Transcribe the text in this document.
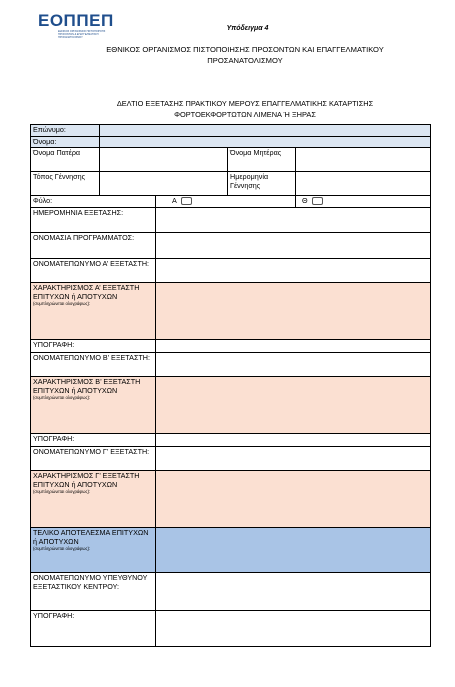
ΕΟΠΠΕΠ
ΕΘΝΙΚΟΣ ΟΡΓΑΝΙΣΜΟΣ ΠΙΣΤΟΠΟΙΗΣΗΣ ΠΡΟΣΟΝΤΩΝ & ΕΠΑΓΓΕΛΜΑΤΙΚΟΥ ΠΡΟΣΑΝΑΤΟΛΙΣΜΟΥ
Υπόδειγμα 4
ΕΘΝΙΚΟΣ ΟΡΓΑΝΙΣΜΟΣ ΠΙΣΤΟΠΟΙΗΣΗΣ ΠΡΟΣΟΝΤΩΝ ΚΑΙ ΕΠΑΓΓΕΛΜΑΤΙΚΟΥ
ΠΡΟΣΑΝΑΤΟΛΙΣΜΟΥ
ΔΕΛΤΙΟ ΕΞΕΤΑΣΗΣ ΠΡΑΚΤΙΚΟΥ ΜΕΡΟΥΣ ΕΠΑΓΓΕΛΜΑΤΙΚΗΣ ΚΑΤΑΡΤΙΣΗΣ
ΦΟΡΤΟΕΚΦΟΡΤΩΤΩΝ ΛΙΜΕΝΑ Ή ΞΗΡΑΣ
Επώνυμο:				
Όνομα:				
Όνομα Πατέρα			Όνομα Μητέρας	
Τόπος Γέννησης			Ημερομηνία Γέννησης	
Φύλο:		Α		Θ
ΗΜΕΡΟΜΗΝΙΑ ΕΞΕΤΑΣΗΣ:				
ΟΝΟΜΑΣΙΑ ΠΡΟΓΡΑΜΜΑΤΟΣ:				
ΟΝΟΜΑΤΕΠΩΝΥΜΟ Α’ ΕΞΕΤΑΣΤΗ:				
ΧΑΡΑΚΤΗΡΙΣΜΟΣ Α’ ΕΞΕΤΑΣΤΗ ΕΠΙΤΥΧΩΝ ή ΑΠΟΤΥΧΩΝ
(συμπληρώνεται ολογράφως):				

ΥΠΟΓΡΑΦΗ:				
ΟΝΟΜΑΤΕΠΩΝΥΜΟ Β’ ΕΞΕΤΑΣΤΗ:				
ΧΑΡΑΚΤΗΡΙΣΜΟΣ Β’ ΕΞΕΤΑΣΤΗ ΕΠΙΤΥΧΩΝ ή ΑΠΟΤΥΧΩΝ
(συμπληρώνεται ολογράφως):				

ΥΠΟΓΡΑΦΗ:				
ΟΝΟΜΑΤΕΠΩΝΥΜΟ Γ’ ΕΞΕΤΑΣΤΗ:				
ΧΑΡΑΚΤΗΡΙΣΜΟΣ Γ’ ΕΞΕΤΑΣΤΗ ΕΠΙΤΥΧΩΝ ή ΑΠΟΤΥΧΩΝ
(συμπληρώνεται ολογράφως):				

ΤΕΛΙΚΟ ΑΠΟΤΕΛΕΣΜΑ ΕΠΙΤΥΧΩΝ ή ΑΠΟΤΥΧΩΝ
(συμπληρώνεται ολογράφως):				

ΟΝΟΜΑΤΕΠΩΝΥΜΟ ΥΠΕΥΘΥΝΟΥ ΕΞΕΤΑΣΤΙΚΟΥ ΚΕΝΤΡΟΥ:				
ΥΠΟΓΡΑΦΗ:				
